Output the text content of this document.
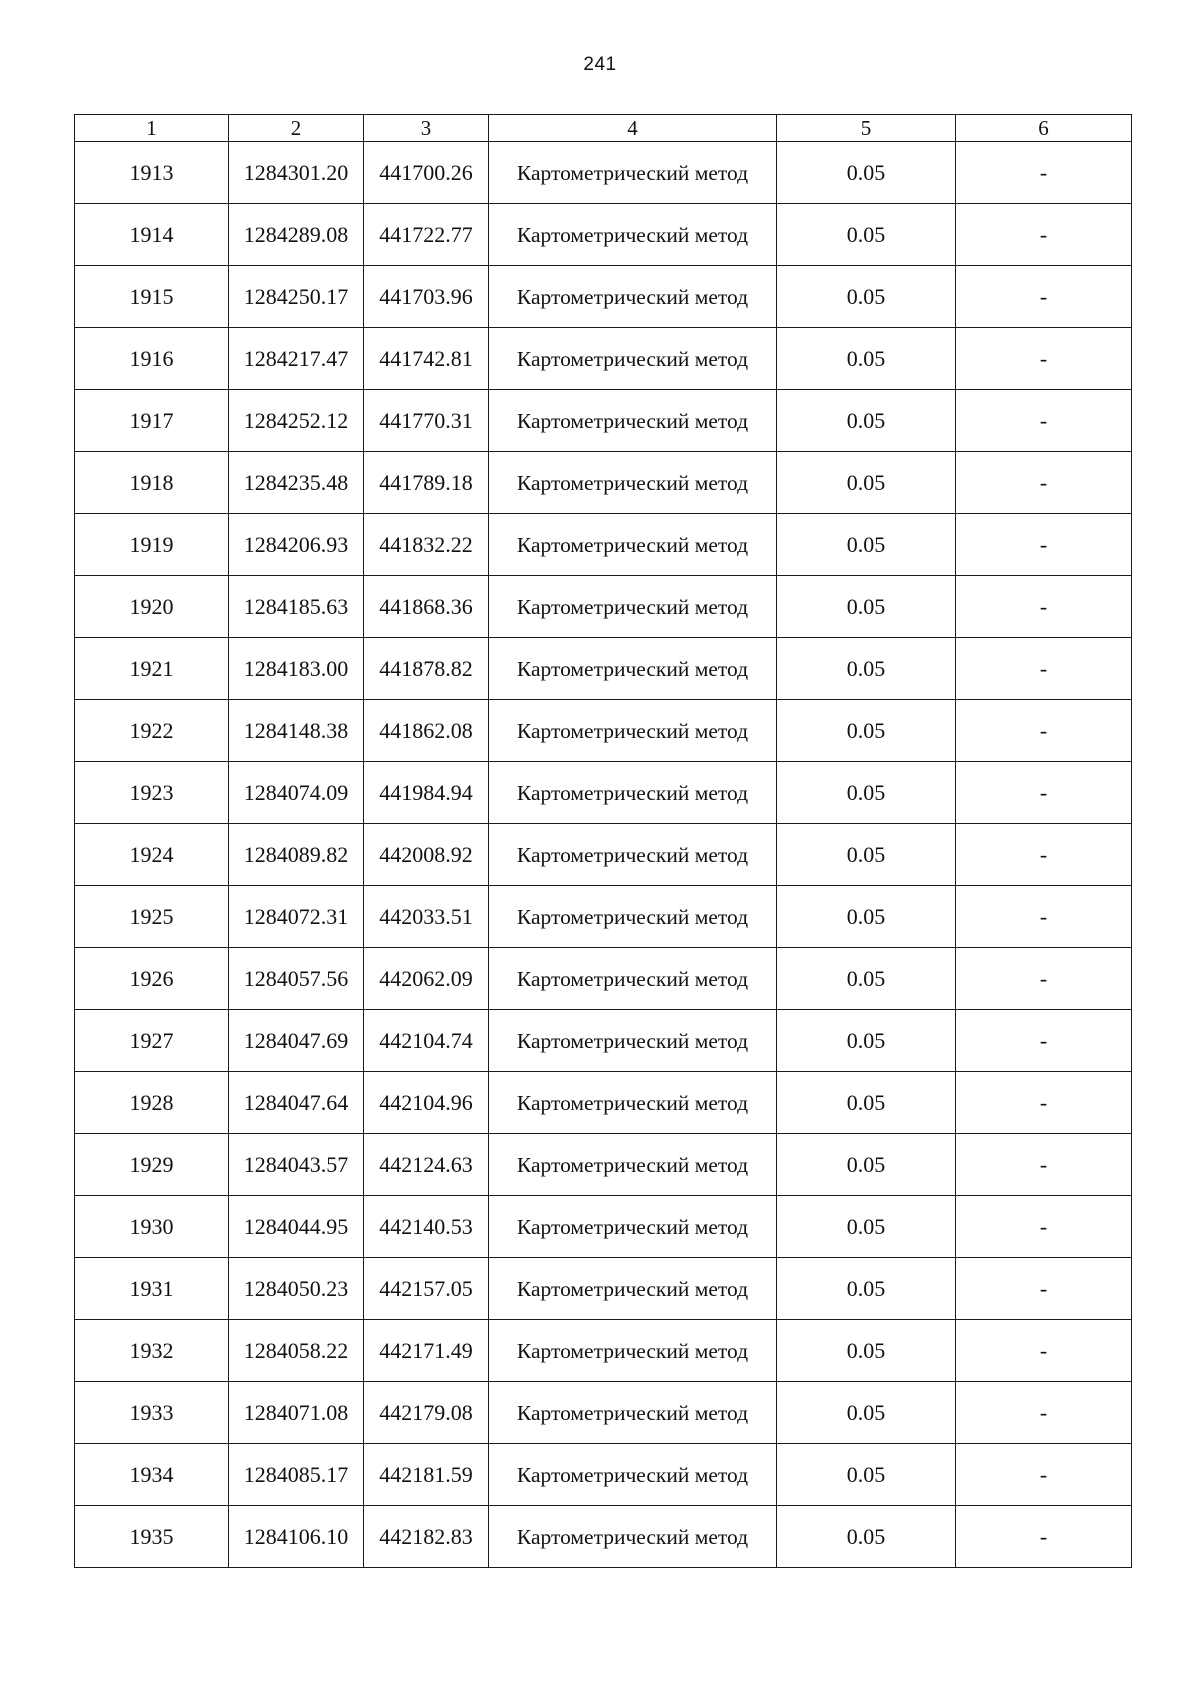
241
1	2	3	4	5	6
1913	1284301.20	441700.26	Картометрический метод	0.05	-
1914	1284289.08	441722.77	Картометрический метод	0.05	-
1915	1284250.17	441703.96	Картометрический метод	0.05	-
1916	1284217.47	441742.81	Картометрический метод	0.05	-
1917	1284252.12	441770.31	Картометрический метод	0.05	-
1918	1284235.48	441789.18	Картометрический метод	0.05	-
1919	1284206.93	441832.22	Картометрический метод	0.05	-
1920	1284185.63	441868.36	Картометрический метод	0.05	-
1921	1284183.00	441878.82	Картометрический метод	0.05	-
1922	1284148.38	441862.08	Картометрический метод	0.05	-
1923	1284074.09	441984.94	Картометрический метод	0.05	-
1924	1284089.82	442008.92	Картометрический метод	0.05	-
1925	1284072.31	442033.51	Картометрический метод	0.05	-
1926	1284057.56	442062.09	Картометрический метод	0.05	-
1927	1284047.69	442104.74	Картометрический метод	0.05	-
1928	1284047.64	442104.96	Картометрический метод	0.05	-
1929	1284043.57	442124.63	Картометрический метод	0.05	-
1930	1284044.95	442140.53	Картометрический метод	0.05	-
1931	1284050.23	442157.05	Картометрический метод	0.05	-
1932	1284058.22	442171.49	Картометрический метод	0.05	-
1933	1284071.08	442179.08	Картометрический метод	0.05	-
1934	1284085.17	442181.59	Картометрический метод	0.05	-
1935	1284106.10	442182.83	Картометрический метод	0.05	-
